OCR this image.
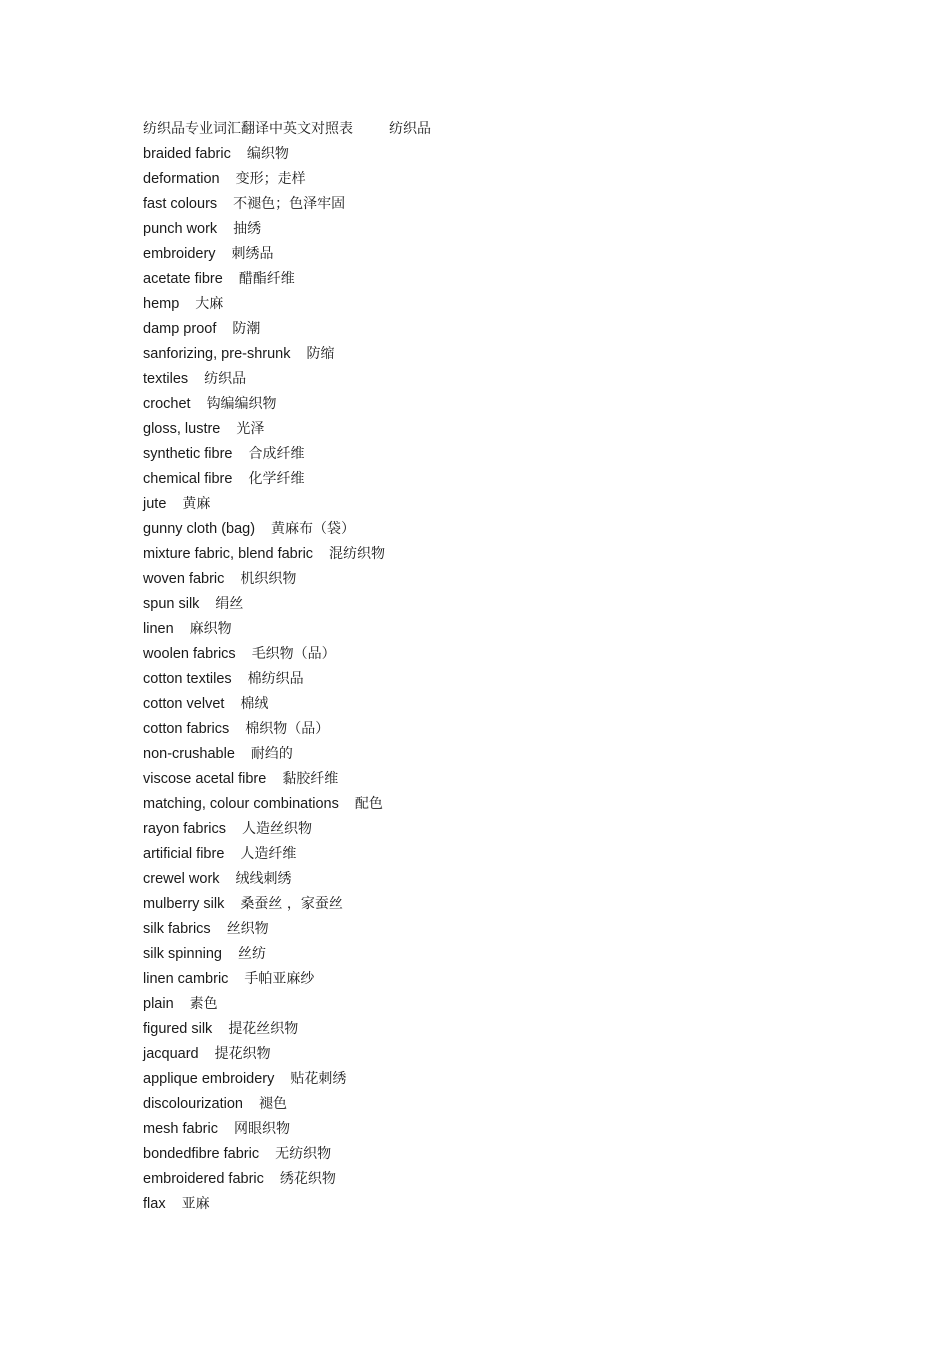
纺织品专业词汇翻译中英文对照表	纺织品
braided fabric 编织物
deformation 变形；走样
fast colours 不褪色；色泽牢固
punch work 抽绣
embroidery 刺绣品
acetate fibre 醋酯纤维
hemp 大麻
damp proof 防潮
sanforizing, pre-shrunk 防缩
textiles 纺织品
crochet 钩编编织物
gloss, lustre 光泽
synthetic fibre 合成纤维
chemical fibre 化学纤维
jute 黄麻
gunny cloth (bag) 黄麻布（袋）
mixture fabric, blend fabric 混纺织物
woven fabric 机织织物
spun silk 绢丝
linen 麻织物
woolen fabrics 毛织物（品）
cotton textiles 棉纺织品
cotton velvet 棉绒
cotton fabrics 棉织物（品）
non-crushable 耐绉的
viscose acetal fibre 黏胶纤维
matching, colour combinations 配色
rayon fabrics 人造丝织物
artificial fibre 人造纤维
crewel work 绒线刺绣
mulberry silk 桑蚕丝 ，家蚕丝
silk fabrics 丝织物
silk spinning 丝纺
linen cambric 手帕亚麻纱
plain 素色
figured silk 提花丝织物
jacquard 提花织物
applique embroidery 贴花刺绣
discolourization 褪色
mesh fabric 网眼织物
bondedfibre fabric 无纺织物
embroidered fabric 绣花织物
flax 亚麻
